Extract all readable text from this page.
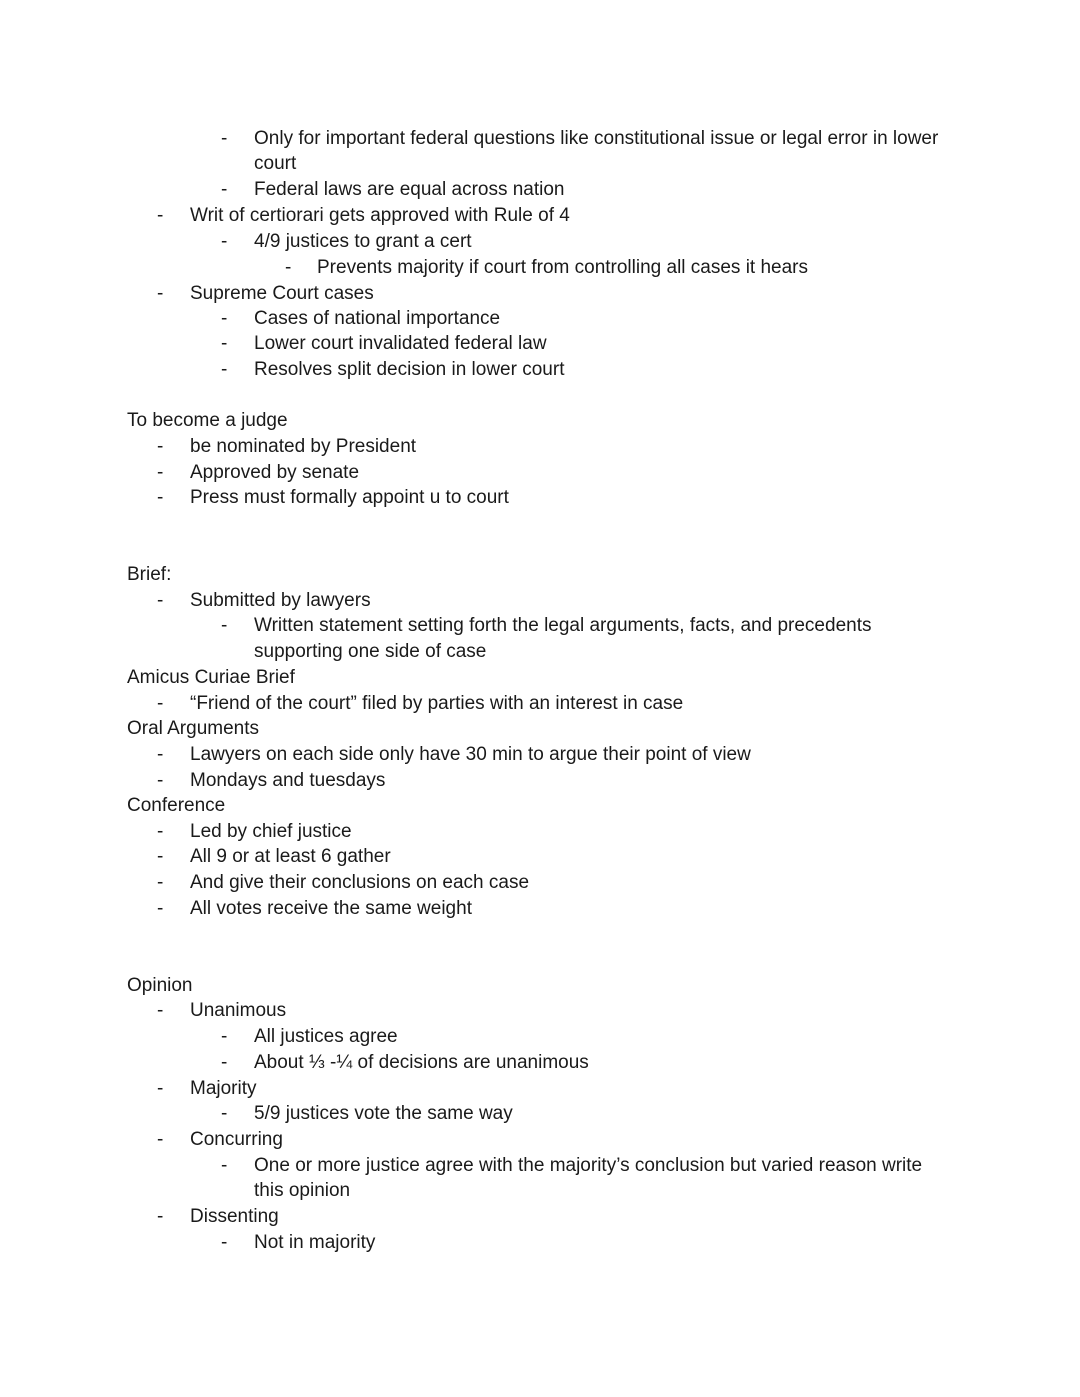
- Only for important federal questions like constitutional issue or legal error in lower
court
- Federal laws are equal across nation
- Writ of certiorari gets approved with Rule of 4
- 4/9 justices to grant a cert
- Prevents majority if court from controlling all cases it hears
- Supreme Court cases
- Cases of national importance
- Lower court invalidated federal law
- Resolves split decision in lower court
To become a judge
- be nominated by President
- Approved by senate
- Press must formally appoint u to court
Brief:
- Submitted by lawyers
- Written statement setting forth the legal arguments, facts, and precedents
supporting one side of case
Amicus Curiae Brief
- “Friend of the court” filed by parties with an interest in case
Oral Arguments
- Lawyers on each side only have 30 min to argue their point of view
- Mondays and tuesdays
Conference
- Led by chief justice
- All 9 or at least 6 gather
- And give their conclusions on each case
- All votes receive the same weight
Opinion
- Unanimous
- All justices agree
- About ⅓ -¼ of decisions are unanimous
- Majority
- 5/9 justices vote the same way
- Concurring
- One or more justice agree with the majority’s conclusion but varied reason write
this opinion
- Dissenting
- Not in majority
